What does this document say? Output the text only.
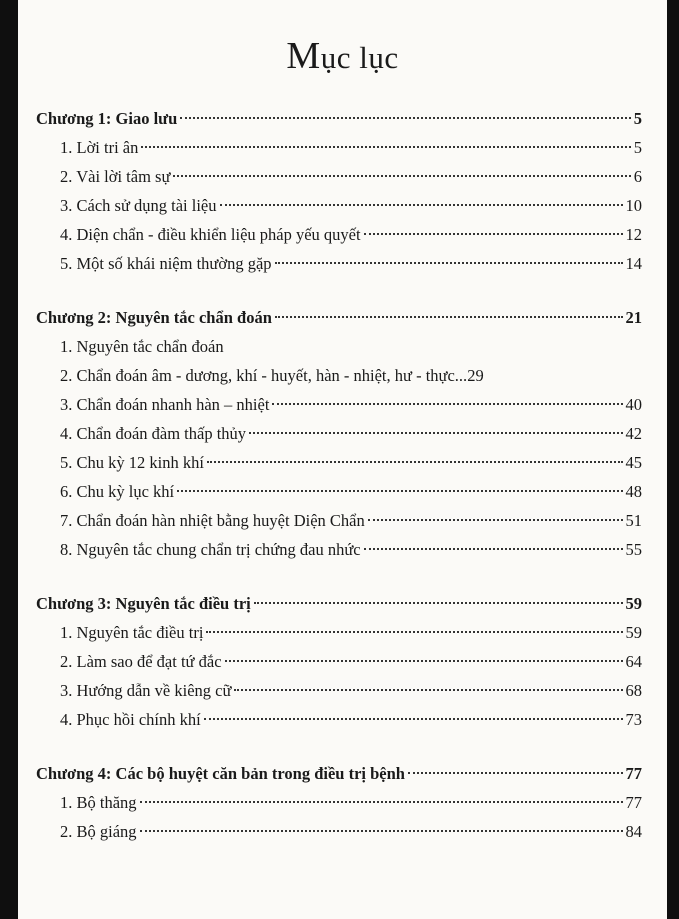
Mục lục
Chương 1: Giao lưu	5
1. Lời tri ân	5
2. Vài lời tâm sự	6
3. Cách sử dụng tài liệu	10
4. Diện chẩn - điều khiển liệu pháp yếu quyết	12
5. Một số khái niệm thường gặp	14
Chương 2: Nguyên tắc chẩn đoán	21
1. Nguyên tắc chẩn đoán
2. Chẩn đoán âm - dương, khí - huyết, hàn - nhiệt, hư - thực... 29
3. Chẩn đoán nhanh hàn – nhiệt	40
4. Chẩn đoán đàm thấp thủy	42
5. Chu kỳ 12 kinh khí	45
6. Chu kỳ lục khí	48
7. Chẩn đoán hàn nhiệt bằng huyệt Diện Chẩn	51
8. Nguyên tắc chung chẩn trị chứng đau nhức	55
Chương 3: Nguyên tắc điều trị	59
1. Nguyên tắc điều trị	59
2. Làm sao để đạt tứ đắc	64
3. Hướng dẫn về kiêng cữ	68
4. Phục hồi chính khí	73
Chương 4: Các bộ huyệt căn bản trong điều trị bệnh	77
1. Bộ thăng	77
2. Bộ giáng	84
